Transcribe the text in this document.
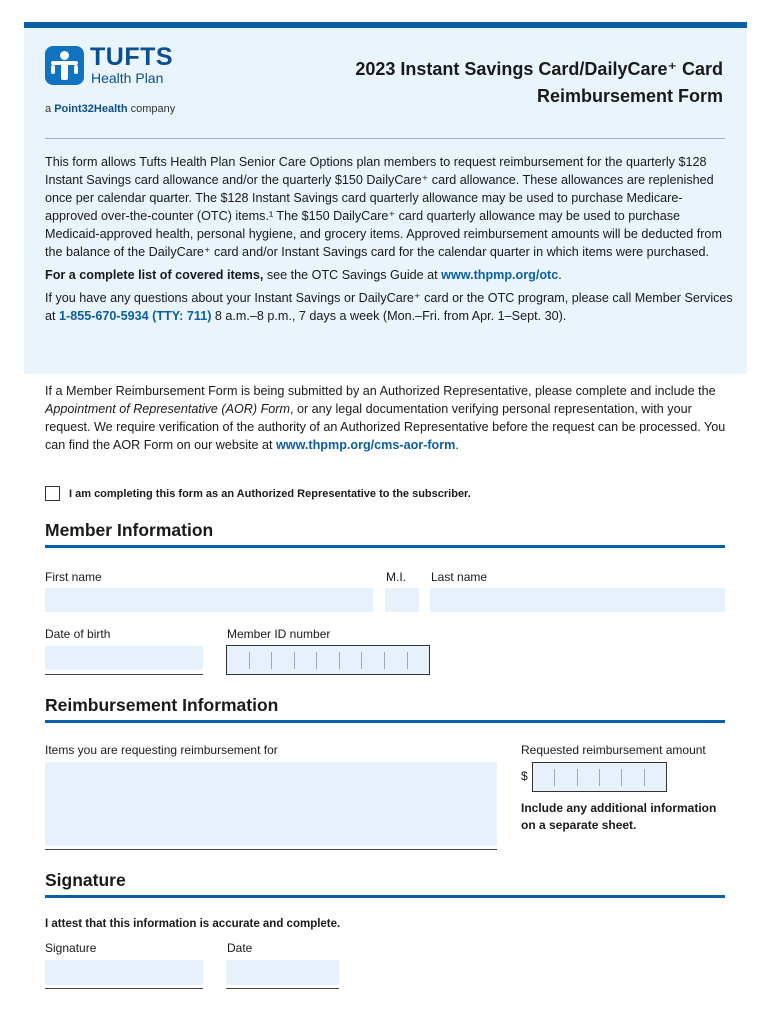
TUFTS
Health Plan
a Point32Health company
2023 Instant Savings Card/DailyCare⁺ Card
Reimbursement Form

This form allows Tufts Health Plan Senior Care Options plan members to request reimbursement for the quarterly $128 Instant Savings card allowance and/or the quarterly $150 DailyCare⁺ card allowance. These allowances are replenished once per calendar quarter. The $128 Instant Savings card quarterly allowance may be used to purchase Medicare-approved over-the-counter (OTC) items.¹ The $150 DailyCare⁺ card quarterly allowance may be used to purchase Medicaid-approved health, personal hygiene, and grocery items. Approved reimbursement amounts will be deducted from the balance of the DailyCare⁺ card and/or Instant Savings card for the calendar quarter in which items were purchased.

For a complete list of covered items, see the OTC Savings Guide at www.thpmp.org/otc.

If you have any questions about your Instant Savings or DailyCare⁺ card or the OTC program, please call Member Services at 1-855-670-5934 (TTY: 711) 8 a.m.–8 p.m., 7 days a week (Mon.–Fri. from Apr. 1–Sept. 30).

If a Member Reimbursement Form is being submitted by an Authorized Representative, please complete and include the Appointment of Representative (AOR) Form, or any legal documentation verifying personal representation, with your request. We require verification of the authority of an Authorized Representative before the request can be processed. You can find the AOR Form on our website at www.thpmp.org/cms-aor-form.
I am completing this form as an Authorized Representative to the subscriber.
Member Information
First name	M.I. Last name
Date of birth	Member ID number
Reimbursement Information
Items you are requesting reimbursement for	Requested reimbursement amount
$
Include any additional information on a separate sheet.
Signature
I attest that this information is accurate and complete.
Signature	Date
